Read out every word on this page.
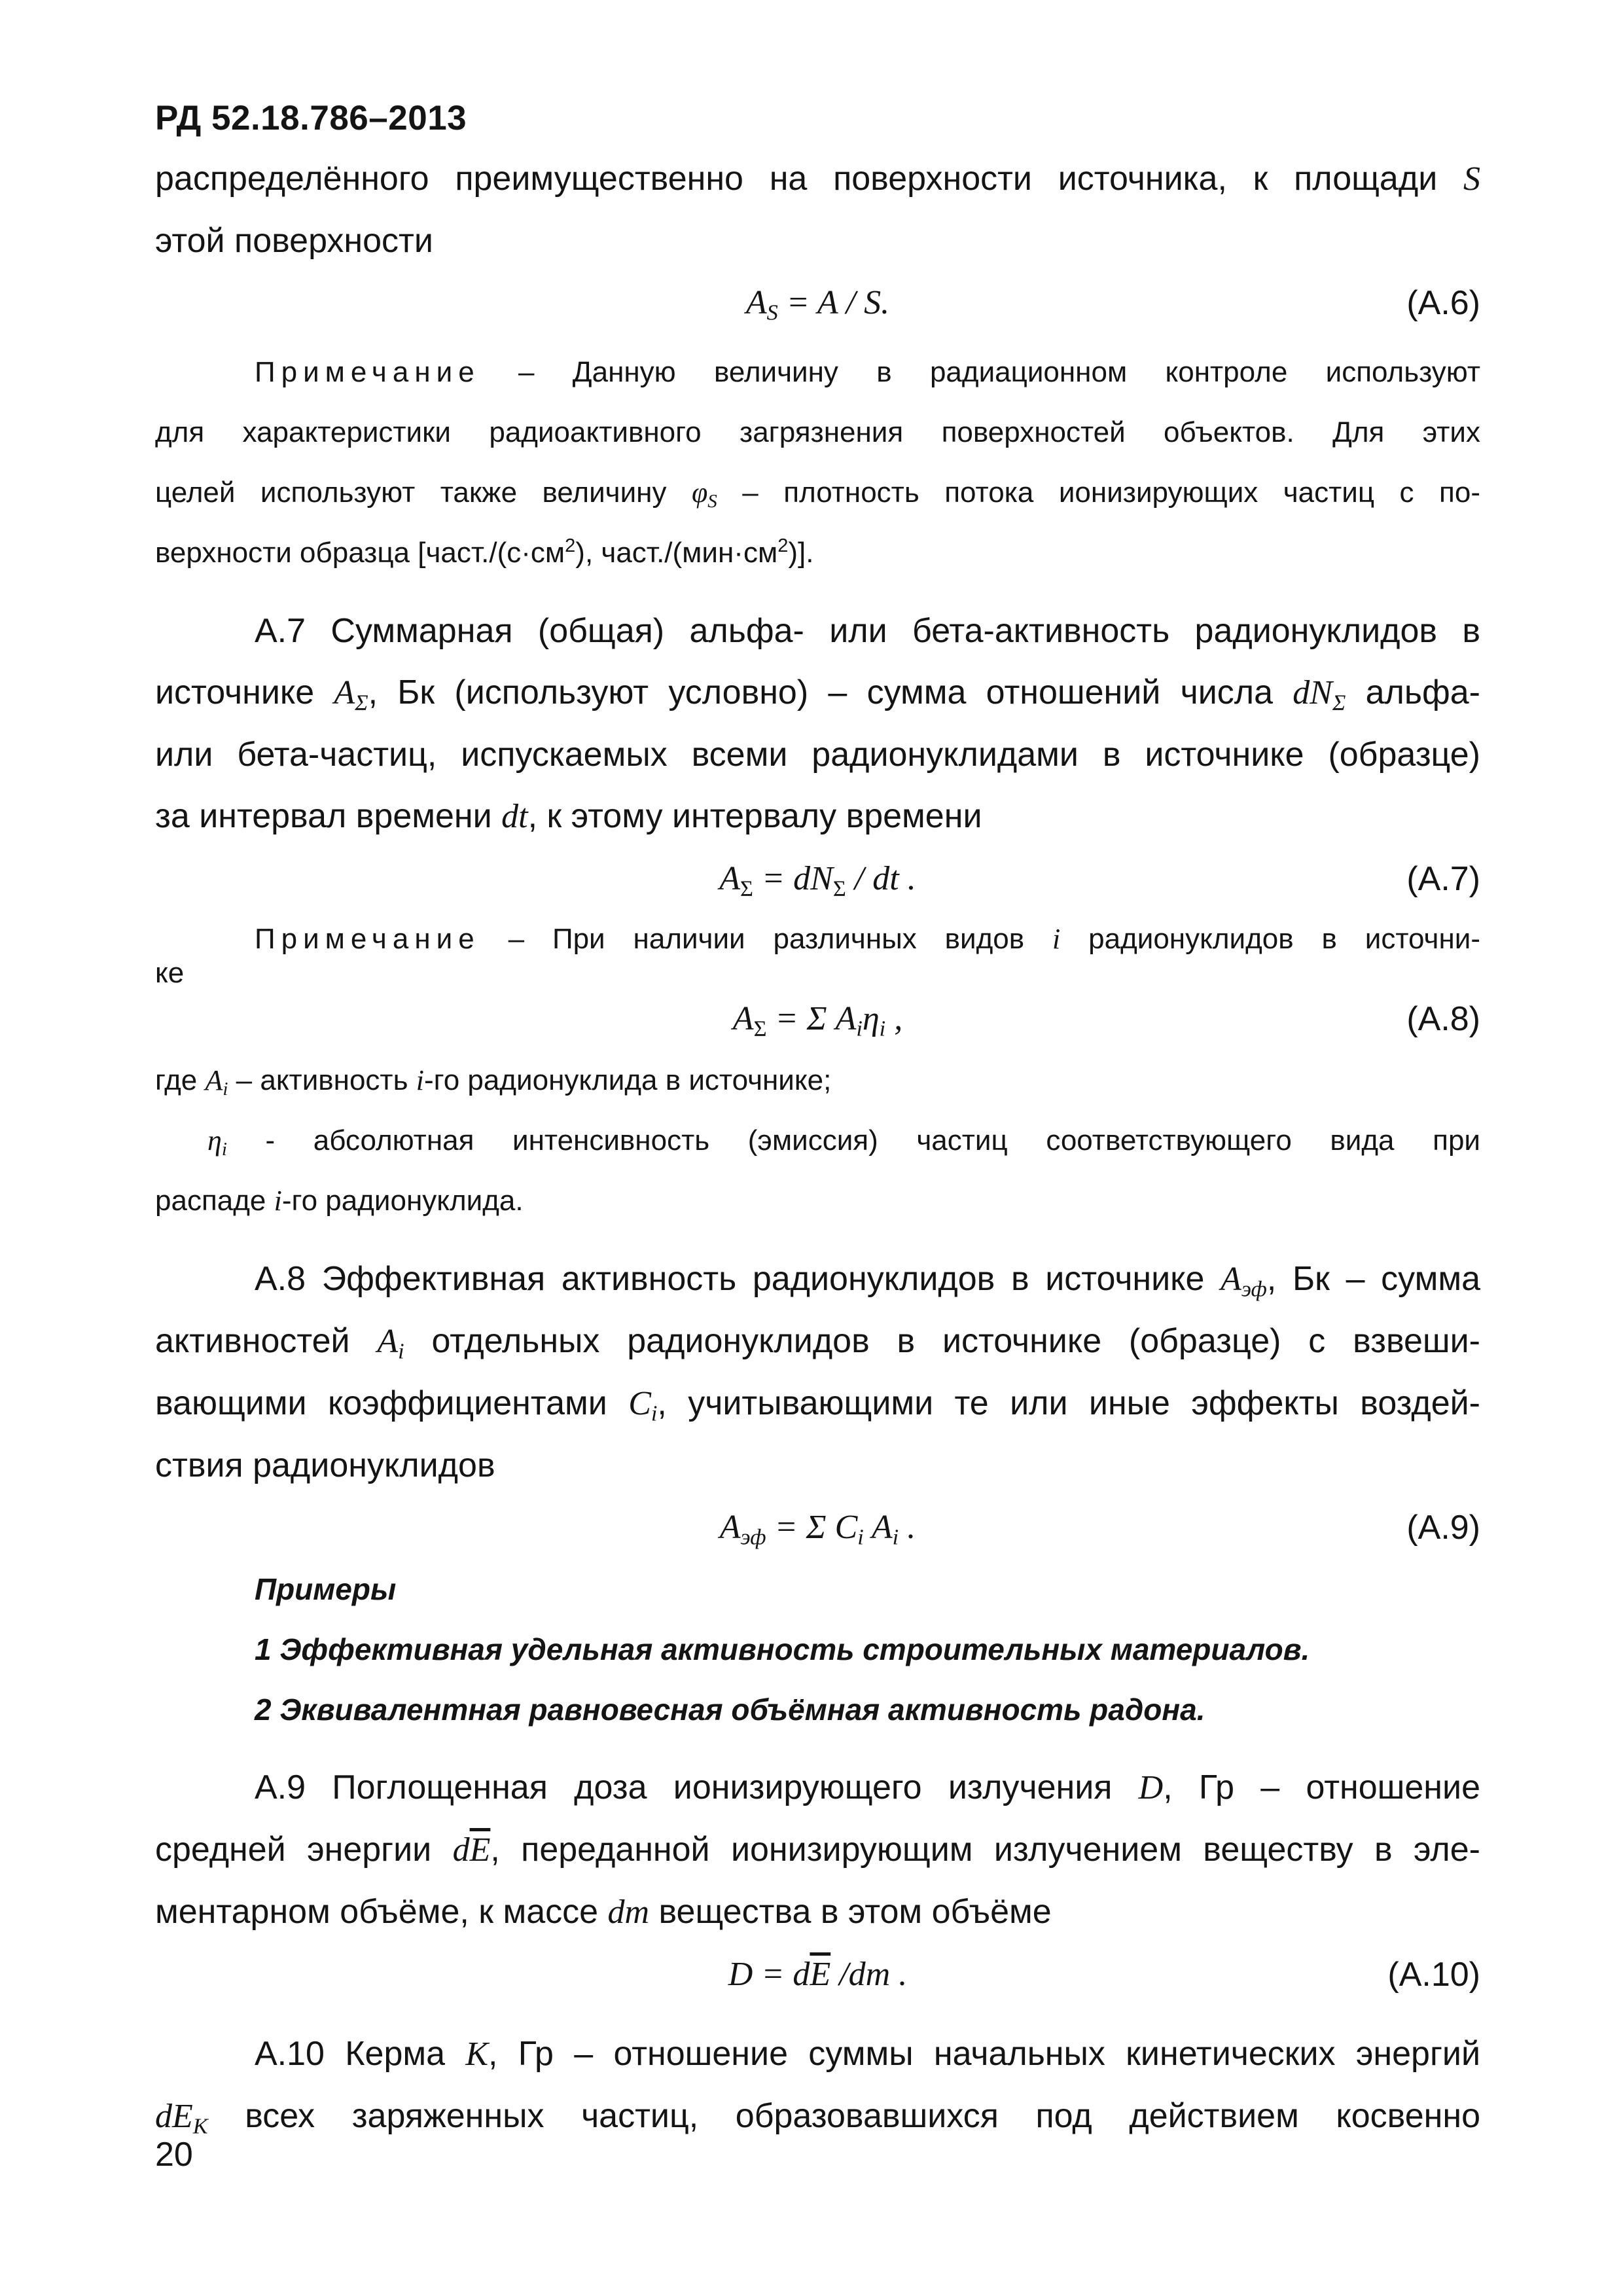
РД 52.18.786–2013

распределённого преимущественно на поверхности источника, к площади S

этой поверхности

$A_S = A / S$.	(А.6)

Примечание – Данную величину в радиационном контроле используют

для характеристики радиоактивного загрязнения поверхностей объектов. Для этих

целей используют также величину $\varphi_S$ – плотность потока ионизирующих частиц с по-

верхности образца [$част./(с\cdot см^2)$, $част./(мин\cdot см^2)$].

А.7 Суммарная (общая) альфа- или бета-активность радионуклидов в

источнике $A_\Sigma$, Бк (используют условно) – сумма отношений числа $dN_\Sigma$ альфа-

или бета-частиц, испускаемых всеми радионуклидами в источнике (образце)

за интервал времени dt, к этому интервалу времени

$A_\Sigma = dN_\Sigma$ / dt .	(А.7)

Примечание – При наличии различных видов i радионуклидов в источни-

ке

$A_\Sigma = \Sigma$ $A_i\eta_i$ ,	(А.8)

где $A_i$ – активность i-го радионуклида в источнике;

$\eta_i$ - абсолютная интенсивность (эмиссия) частиц соответствующего вида при

распаде i-го радионуклида.

А.8 Эффективная активность радионуклидов в источнике $A_{эф}$, Бк – сумма

активностей $A_i$ отдельных радионуклидов в источнике (образце) с взвеши-

вающими коэффициентами $C_i$, учитывающими те или иные эффекты воздей-

ствия радионуклидов

$A_{эф} = \Sigma$ $C_i$ $A_i$ .	(А.9)

Примеры

1 Эффективная удельная активность строительных материалов.

2 Эквивалентная равновесная объёмная активность радона.

А.9 Поглощенная доза ионизирующего излучения D, Гр – отношение

средней энергии $d\overline{E}$, переданной ионизирующим излучением веществу в эле-

ментарном объёме, к массе dm вещества в этом объёме

$D = d\overline{E}$ /dm .	(А.10)

А.10 Керма K, Гр – отношение суммы начальных кинетических энергий

$dE_K$ всех заряженных частиц, образовавшихся под действием косвенно

20
